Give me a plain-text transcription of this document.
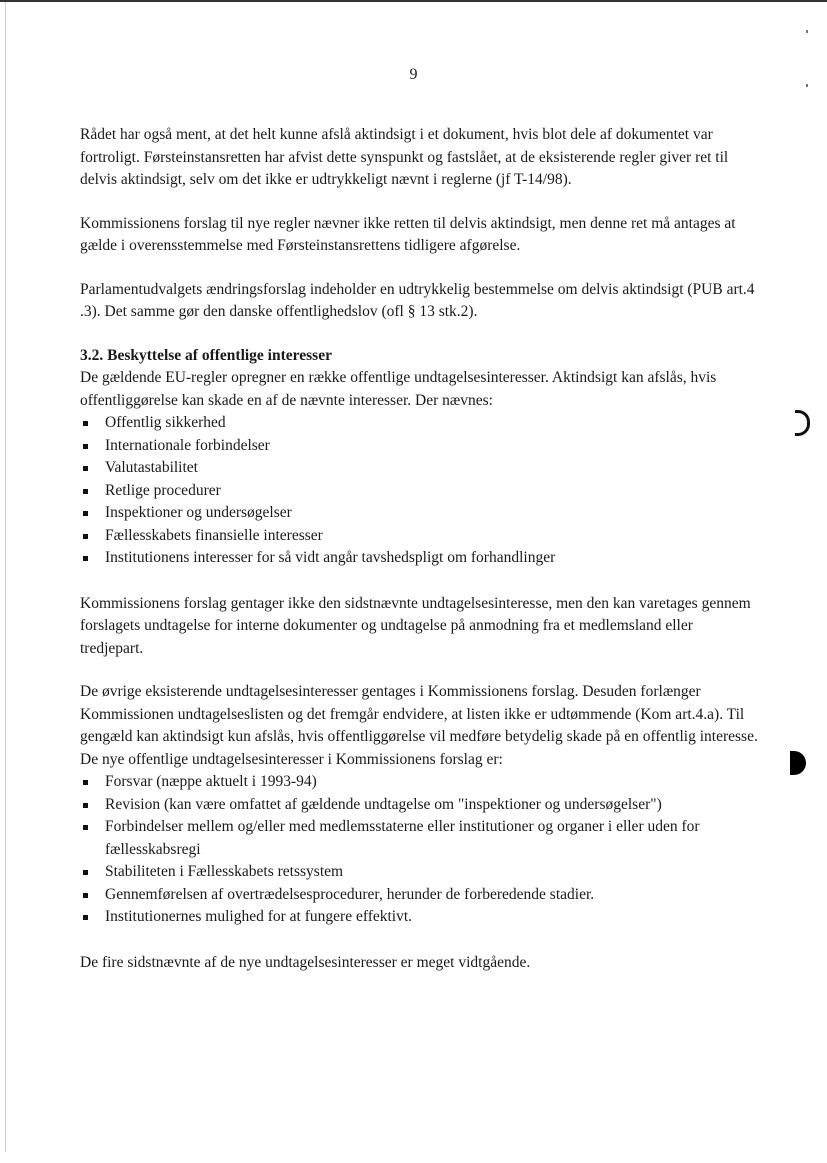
9

Rådet har også ment, at det helt kunne afslå aktindsigt i et dokument, hvis blot dele af dokumentet var fortroligt. Førsteinstansretten har afvist dette synspunkt og fastslået, at de eksisterende regler giver ret til delvis aktindsigt, selv om det ikke er udtrykkeligt nævnt i reglerne (jf T-14/98).

Kommissionens forslag til nye regler nævner ikke retten til delvis aktindsigt, men denne ret må antages at gælde i overensstemmelse med Førsteinstansrettens tidligere afgørelse.

Parlamentudvalgets ændringsforslag indeholder en udtrykkelig bestemmelse om delvis aktindsigt (PUB art.4 .3). Det samme gør den danske offentlighedslov (ofl § 13 stk.2).

3.2. Beskyttelse af offentlige interesser
De gældende EU-regler opregner en række offentlige undtagelsesinteresser. Aktindsigt kan afslås, hvis offentliggørelse kan skade en af de nævnte interesser. Der nævnes:
Offentlig sikkerhed
Internationale forbindelser
Valutastabilitet
Retlige procedurer
Inspektioner og undersøgelser
Fællesskabets finansielle interesser
Institutionens interesser for så vidt angår tavshedspligt om forhandlinger

Kommissionens forslag gentager ikke den sidstnævnte undtagelsesinteresse, men den kan varetages gennem forslagets undtagelse for interne dokumenter og undtagelse på anmodning fra et medlemsland eller tredjepart.

De øvrige eksisterende undtagelsesinteresser gentages i Kommissionens forslag. Desuden forlænger Kommissionen undtagelseslisten og det fremgår endvidere, at listen ikke er udtømmende (Kom art.4.a). Til gengæld kan aktindsigt kun afslås, hvis offentliggørelse vil medføre betydelig skade på en offentlig interesse. De nye offentlige undtagelsesinteresser i Kommissionens forslag er:
Forsvar (næppe aktuelt i 1993-94)
Revision (kan være omfattet af gældende undtagelse om "inspektioner og undersøgelser")
Forbindelser mellem og/eller med medlemsstaterne eller institutioner og organer i eller uden for fællesskabsregi
Stabiliteten i Fællesskabets retssystem
Gennemførelsen af overtrædelsesprocedurer, herunder de forberedende stadier.
Institutionernes mulighed for at fungere effektivt.

De fire sidstnævnte af de nye undtagelsesinteresser er meget vidtgående.
